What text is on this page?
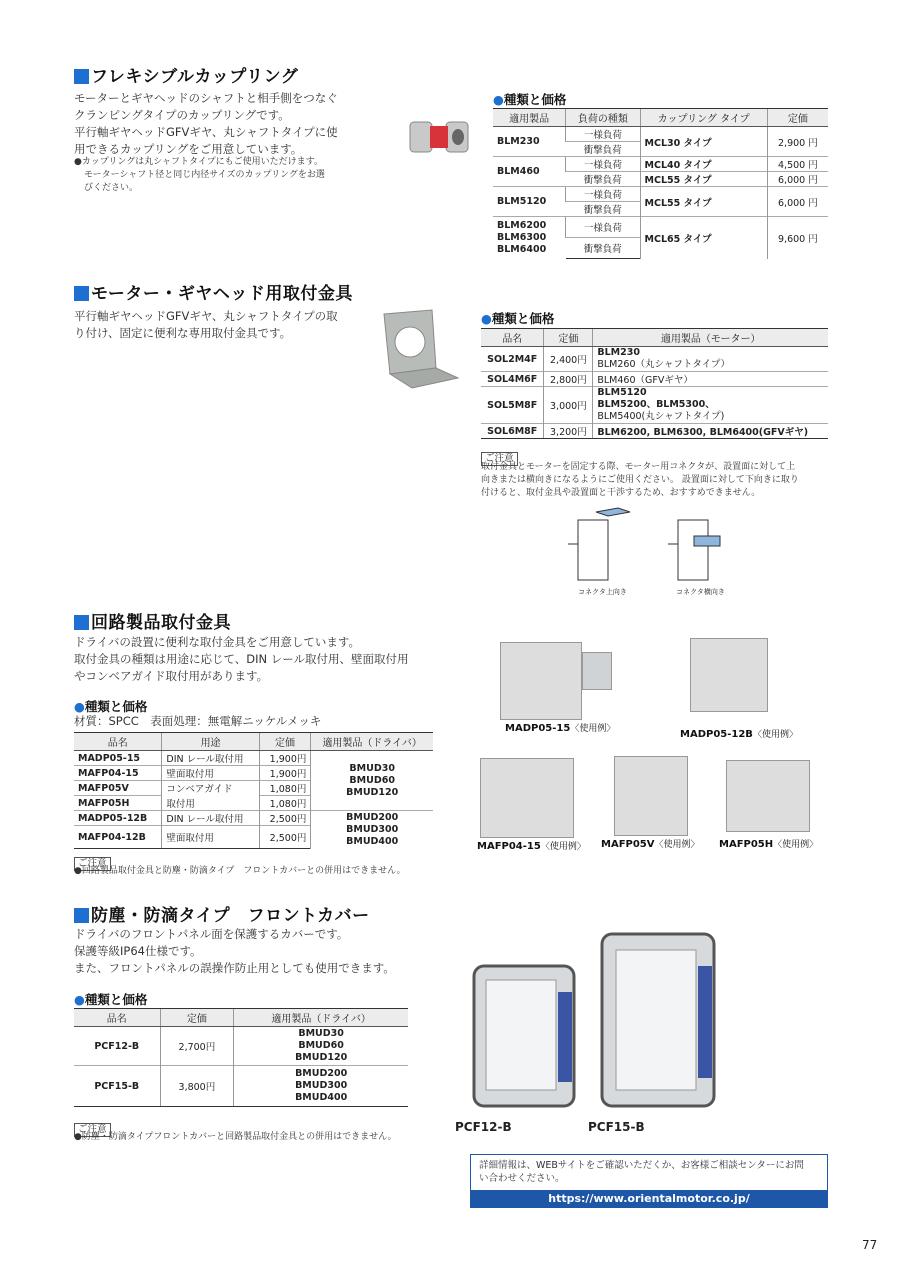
フレキシブルカップリング
モーターとギヤヘッドのシャフトと相手側をつなぐ
クランピングタイプのカップリングです。
平行軸ギヤヘッドGFVギヤ、丸シャフトタイプに使
用できるカップリングをご用意しています。
●カップリングは丸シャフトタイプにもご使用いただけます。
モーターシャフト径と同じ内径サイズのカップリングをお選
びください。
●種類と価格
適用製品	負荷の種類	カップリング タイプ	定価
BLM230	一様負荷	MCL30 タイプ	2,900 円
	衝撃負荷		
BLM460	一様負荷	MCL40 タイプ	4,500 円
	衝撃負荷	MCL55 タイプ	6,000 円
BLM5120	一様負荷	MCL55 タイプ	6,000 円
	衝撃負荷		
BLM6200
BLM6300
BLM6400	一様負荷	MCL65 タイプ	9,600 円
	衝撃負荷		
モーター・ギヤヘッド用取付金具
平行軸ギヤヘッドGFVギヤ、丸シャフトタイプの取
り付け、固定に便利な専用取付金具です。
●種類と価格
品名	定価	適用製品（モーター）
SOL2M4F	2,400円	BLM230
BLM260（丸シャフトタイプ）

SOL4M6F	2,800円	BLM460（GFVギヤ）
SOL5M8F	3,000円	BLM5120
BLM5200、BLM5300、
BLM5400(丸シャフトタイプ)

SOL6M8F	3,200円	BLM6200, BLM6300, BLM6400(GFVギヤ)
ご注意
取付金具とモーターを固定する際、モーター用コネクタが、設置面に対して上
向きまたは横向きになるようにご使用ください。 設置面に対して下向きに取り
付けると、取付金具や設置面と干渉するため、おすすめできません。
コネクタ上向き	コネクタ横向き
回路製品取付金具
ドライバの設置に便利な取付金具をご用意しています。
取付金具の種類は用途に応じて、DIN レール取付用、壁面取付用
やコンベアガイド取付用があります。
●種類と価格
材質：SPCC　表面処理：無電解ニッケルメッキ
品名	用途	定価	適用製品（ドライバ）
MADP05-15	DIN レール取付用	1,900円	BMUD30
BMUD60
BMUD120

MAFP04-15	壁面取付用	1,900円	
MAFP05V	コンベアガイド	1,080円	
MAFP05H	取付用	1,080円	
MADP05-12B	DIN レール取付用	2,500円	BMUD200
BMUD300
BMUD400

MAFP04-12B	壁面取付用	2,500円	
ご注意
●回路製品取付金具と防塵・防滴タイプ　フロントカバーとの併用はできません。
MADP05-15〈使用例〉	MADP05-12B〈使用例〉
MAFP04-15〈使用例〉 MAFP05V〈使用例〉 MAFP05H〈使用例〉
防塵・防滴タイプ　フロントカバー
ドライバのフロントパネル面を保護するカバーです。
保護等級IP64仕様です。
また、フロントパネルの誤操作防止用としても使用できます。
●種類と価格
品名	定価	適用製品（ドライバ）
PCF12-B	2,700円	BMUD30
BMUD60
BMUD120

PCF15-B	3,800円	BMUD200
BMUD300
BMUD400
ご注意
●防塵・防滴タイプフロントカバーと回路製品取付金具との併用はできません。
PCF12-B	PCF15-B
詳細情報は、WEBサイトをご確認いただくか、お客様ご相談センターにお問
い合わせください。
https://www.orientalmotor.co.jp/
77
